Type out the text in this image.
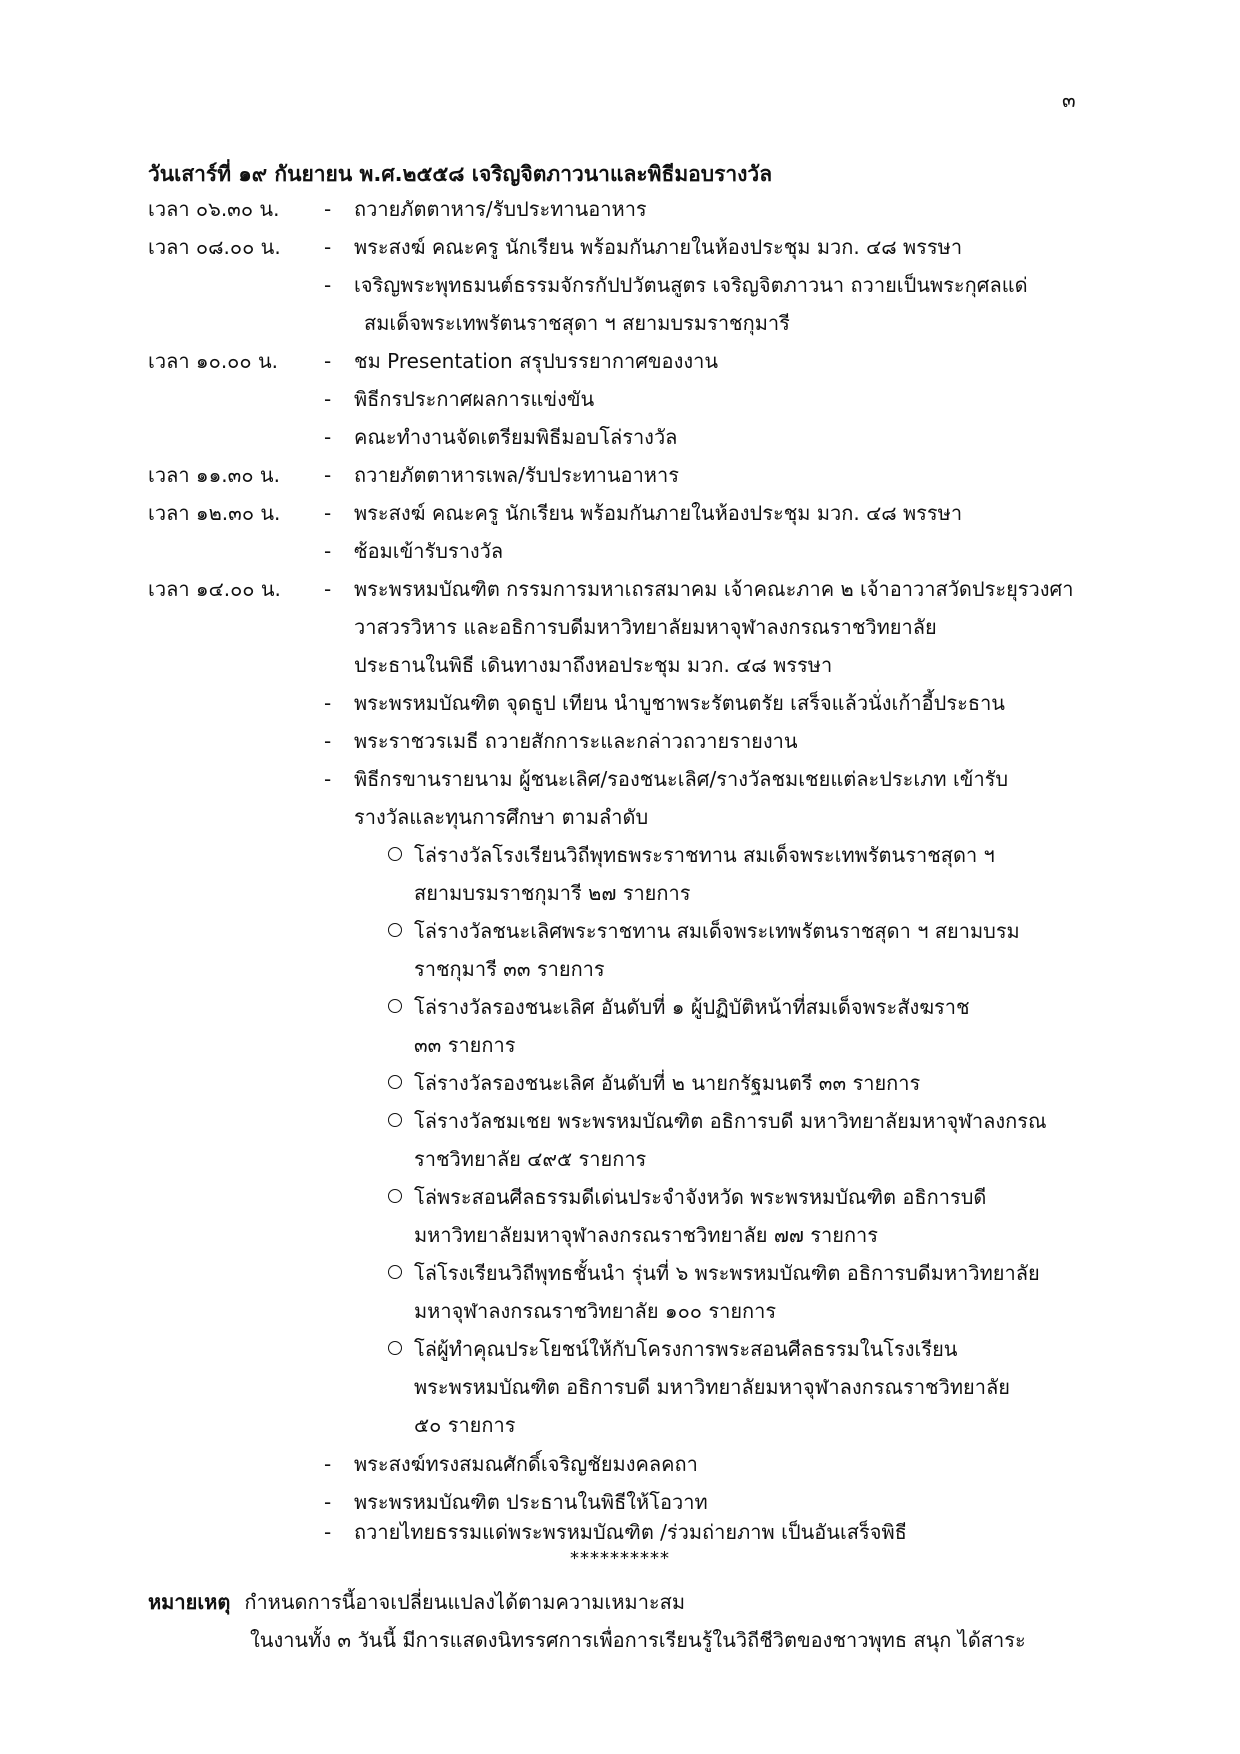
๓
วันเสาร์ที่ ๑๙ กันยายน พ.ศ.๒๕๕๘ เจริญจิตภาวนาและพิธีมอบรางวัล
เวลา ๐๖.๓๐ น. - ถวายภัตตาหาร/รับประทานอาหาร
เวลา ๐๘.๐๐ น. - พระสงฆ์ คณะครู นักเรียน พร้อมกันภายในห้องประชุม มวก. ๔๘ พรรษา
- เจริญพระพุทธมนต์ธรรมจักรกัปปวัตนสูตร เจริญจิตภาวนา ถวายเป็นพระกุศลแด่
สมเด็จพระเทพรัตนราชสุดา ฯ สยามบรมราชกุมารี
เวลา ๑๐.๐๐ น. - ชม Presentation สรุปบรรยากาศของงาน
- พิธีกรประกาศผลการแข่งขัน
- คณะทำงานจัดเตรียมพิธีมอบโล่รางวัล
เวลา ๑๑.๓๐ น. - ถวายภัตตาหารเพล/รับประทานอาหาร
เวลา ๑๒.๓๐ น. - พระสงฆ์ คณะครู นักเรียน พร้อมกันภายในห้องประชุม มวก. ๔๘ พรรษา
- ซ้อมเข้ารับรางวัล
เวลา ๑๔.๐๐ น. - พระพรหมบัณฑิต กรรมการมหาเถรสมาคม เจ้าคณะภาค ๒ เจ้าอาวาสวัดประยุรวงศา
วาสวรวิหาร และอธิการบดีมหาวิทยาลัยมหาจุฬาลงกรณราชวิทยาลัย
ประธานในพิธี เดินทางมาถึงหอประชุม มวก. ๔๘ พรรษา
- พระพรหมบัณฑิต จุดธูป เทียน นำบูชาพระรัตนตรัย เสร็จแล้วนั่งเก้าอี้ประธาน
- พระราชวรเมธี ถวายสักการะและกล่าวถวายรายงาน
- พิธีกรขานรายนาม ผู้ชนะเลิศ/รองชนะเลิศ/รางวัลชมเชยแต่ละประเภท เข้ารับ
รางวัลและทุนการศึกษา ตามลำดับ
โล่รางวัลโรงเรียนวิถีพุทธพระราชทาน สมเด็จพระเทพรัตนราชสุดา ฯ
สยามบรมราชกุมารี ๒๗ รายการ
โล่รางวัลชนะเลิศพระราชทาน สมเด็จพระเทพรัตนราชสุดา ฯ สยามบรม
ราชกุมารี ๓๓ รายการ
โล่รางวัลรองชนะเลิศ อันดับที่ ๑ ผู้ปฏิบัติหน้าที่สมเด็จพระสังฆราช
๓๓ รายการ
โล่รางวัลรองชนะเลิศ อันดับที่ ๒ นายกรัฐมนตรี ๓๓ รายการ
โล่รางวัลชมเชย พระพรหมบัณฑิต อธิการบดี มหาวิทยาลัยมหาจุฬาลงกรณ
ราชวิทยาลัย ๔๙๕ รายการ
โล่พระสอนศีลธรรมดีเด่นประจำจังหวัด พระพรหมบัณฑิต อธิการบดี
มหาวิทยาลัยมหาจุฬาลงกรณราชวิทยาลัย ๗๗ รายการ
โล่โรงเรียนวิถีพุทธชั้นนำ รุ่นที่ ๖ พระพรหมบัณฑิต อธิการบดีมหาวิทยาลัย
มหาจุฬาลงกรณราชวิทยาลัย ๑๐๐ รายการ
โล่ผู้ทำคุณประโยชน์ให้กับโครงการพระสอนศีลธรรมในโรงเรียน
พระพรหมบัณฑิต อธิการบดี มหาวิทยาลัยมหาจุฬาลงกรณราชวิทยาลัย
๕๐ รายการ
- พระสงฆ์ทรงสมณศักดิ์เจริญชัยมงคลคถา
- พระพรหมบัณฑิต ประธานในพิธีให้โอวาท
- ถวายไทยธรรมแด่พระพรหมบัณฑิต /ร่วมถ่ายภาพ เป็นอันเสร็จพิธี
**********
หมายเหตุ กำหนดการนี้อาจเปลี่ยนแปลงได้ตามความเหมาะสม
ในงานทั้ง ๓ วันนี้ มีการแสดงนิทรรศการเพื่อการเรียนรู้ในวิถีชีวิตของชาวพุทธ สนุก ได้สาระ
